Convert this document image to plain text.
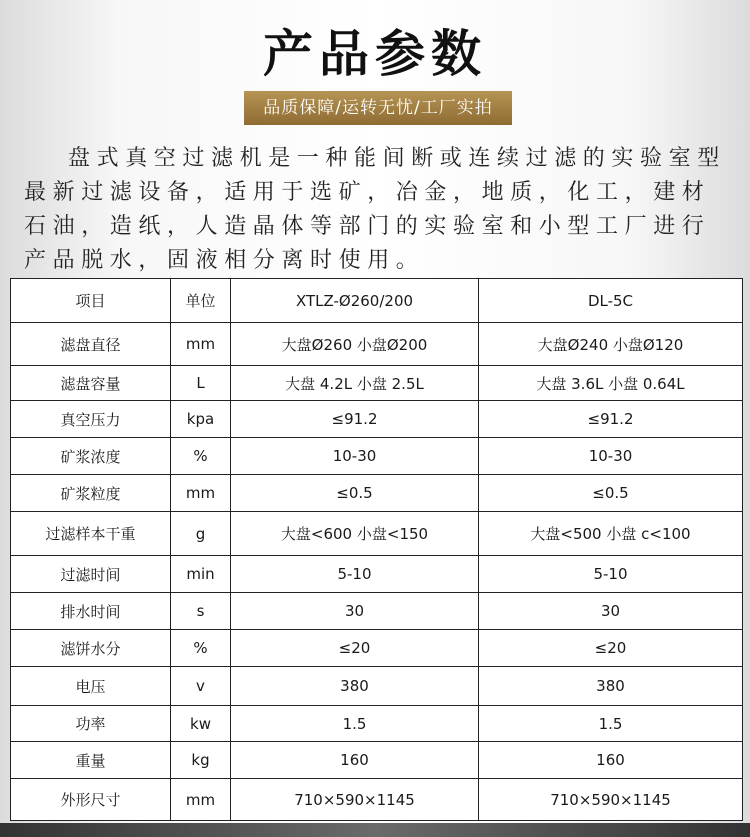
产品参数
品质保障/运转无忧/工厂实拍

盘式真空过滤机是一种能间断或连续过滤的实验室型最新过滤设备，适用于选矿，冶金，地质，化工，建材石油，造纸，人造晶体等部门的实验室和小型工厂进行产品脱水，固液相分离时使用。

项目	单位	XTLZ-Ø260/200	DL-5C
滤盘直径	mm	大盘Ø260 小盘Ø200	大盘Ø240 小盘Ø120
滤盘容量	L	大盘 4.2L 小盘 2.5L	大盘 3.6L 小盘 0.64L
真空压力	kpa	≤91.2	≤91.2
矿浆浓度	%	10-30	10-30
矿浆粒度	mm	≤0.5	≤0.5
过滤样本干重	g	大盘<600 小盘<150	大盘<500 小盘 c<100
过滤时间	min	5-10	5-10
排水时间	s	30	30
滤饼水分	%	≤20	≤20
电压	v	380	380
功率	kw	1.5	1.5
重量	kg	160	160
外形尺寸	mm	710×590×1145	710×590×1145
